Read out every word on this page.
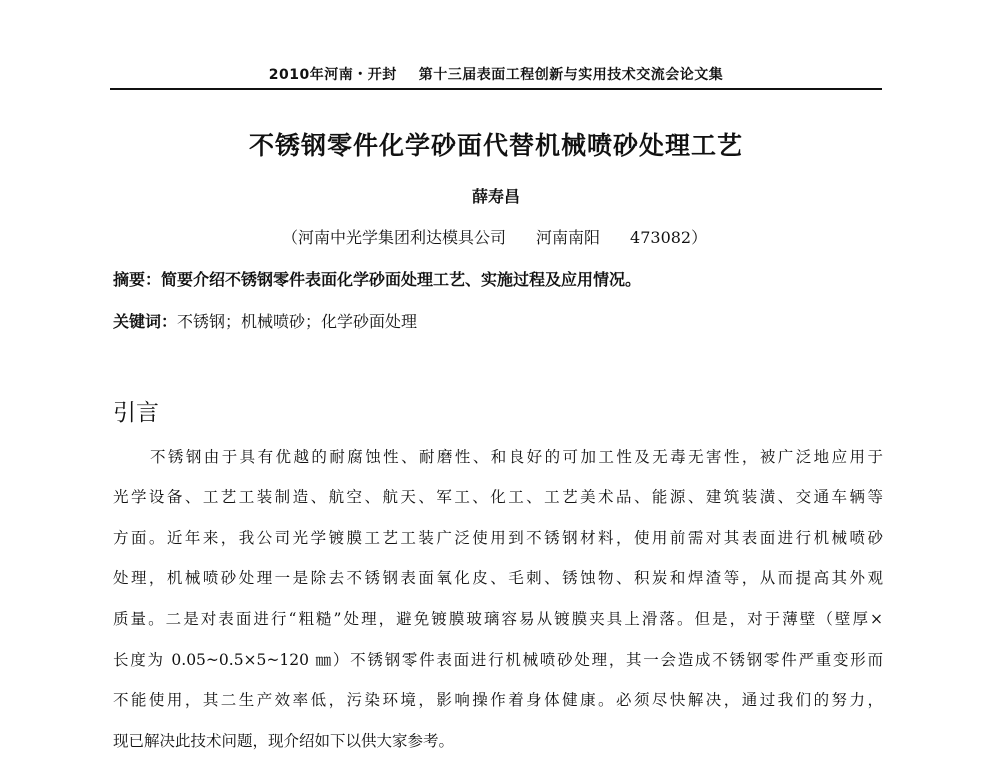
2010年河南・开封 第十三届表面工程创新与实用技术交流会论文集
不锈钢零件化学砂面代替机械喷砂处理工艺
薛寿昌
（河南中光学集团利达模具公司 河南南阳 473082）
摘要：简要介绍不锈钢零件表面化学砂面处理工艺、实施过程及应用情况。
关键词：不锈钢；机械喷砂；化学砂面处理
引言
不锈钢由于具有优越的耐腐蚀性、耐磨性、和良好的可加工性及无毒无害性，被广泛地应用于
光学设备、工艺工装制造、航空、航天、军工、化工、工艺美术品、能源、建筑装潢、交通车辆等
方面。近年来，我公司光学镀膜工艺工装广泛使用到不锈钢材料，使用前需对其表面进行机械喷砂
处理，机械喷砂处理一是除去不锈钢表面氧化皮、毛刺、锈蚀物、积炭和焊渣等，从而提高其外观
质量。二是对表面进行“粗糙”处理，避免镀膜玻璃容易从镀膜夹具上滑落。但是，对于薄壁（壁厚×
长度为 0.05~0.5×5~120 ㎜）不锈钢零件表面进行机械喷砂处理，其一会造成不锈钢零件严重变形而
不能使用，其二生产效率低，污染环境，影响操作着身体健康。必须尽快解决，通过我们的努力，
现已解决此技术问题，现介绍如下以供大家参考。
